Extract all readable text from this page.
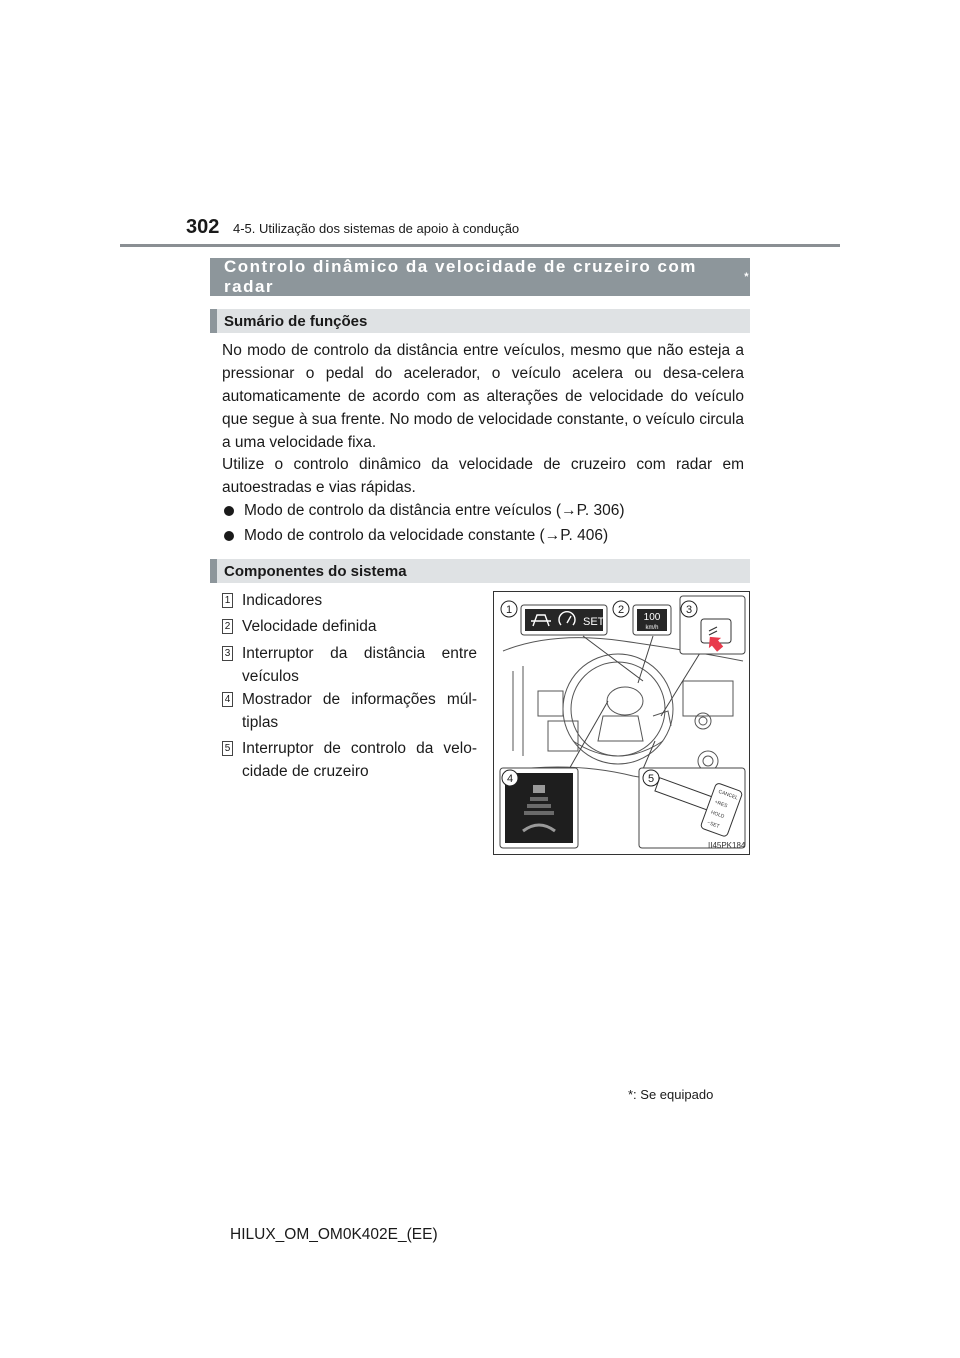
302 4-5. Utilização dos sistemas de apoio à condução
Controlo dinâmico da velocidade de cruzeiro com radar	*
Sumário de funções

No modo de controlo da distância entre veículos, mesmo que não esteja a pressionar o pedal do acelerador, o veículo acelera ou desa-celera automaticamente de acordo com as alterações de velocidade do veículo que segue à sua frente. No modo de velocidade constante, o veículo circula a uma velocidade fixa.

Utilize o controlo dinâmico da velocidade de cruzeiro com radar em autoestradas e vias rápidas.

Modo de controlo da distância entre veículos (→P. 306)
Modo de controlo da velocidade constante (→P. 406)
Componentes do sistema
1 Indicadores
2 Velocidade definida
3 Interruptor da distância entre veículos
4 Mostrador de informações múl-tiplas
5 Interruptor de controlo da velo-cidade de cruzeiro
SET	100
km/h
CANCEL
+RES
HOLD
−SET
1	2	3
4	5
II45PK184
*: Se equipado
HILUX_OM_OM0K402E_(EE)
